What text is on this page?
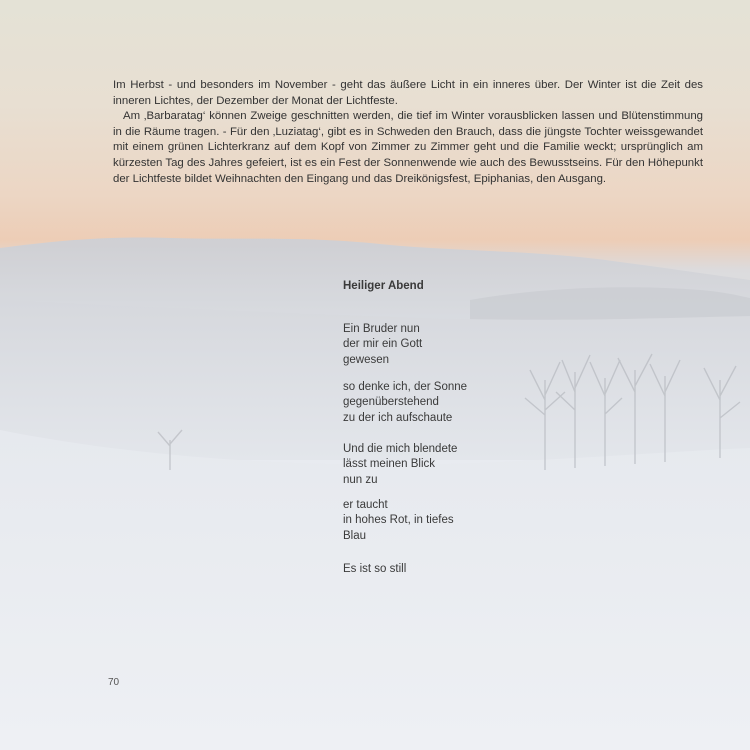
Im Herbst - und besonders im November - geht das äußere Licht in ein inneres über. Der Winter ist die Zeit des inneren Lichtes, der Dezember der Monat der Lichtfeste.

Am ‚Barbaratag‘ können Zweige geschnitten werden, die tief im Winter vorausblicken lassen und Blütenstimmung in die Räume tragen. - Für den ‚Luziatag‘, gibt es in Schweden den Brauch, dass die jüngste Tochter weissgewandet mit einem grünen Lichterkranz auf dem Kopf von Zimmer zu Zimmer geht und die Familie weckt; ursprünglich am kürzesten Tag des Jahres gefeiert, ist es ein Fest der Sonnenwende wie auch des Bewusstseins. Für den Höhepunkt der Lichtfeste bildet Weihnachten den Eingang und das Dreikönigsfest, Epiphanias, den Ausgang.

Heiliger Abend
Ein Bruder nun
der mir ein Gott
gewesen
so denke ich, der Sonne
gegenüberstehend
zu der ich aufschaute
Und die mich blendete
lässt meinen Blick
nun zu
er taucht
in hohes Rot, in tiefes
Blau
Es ist so still
70
